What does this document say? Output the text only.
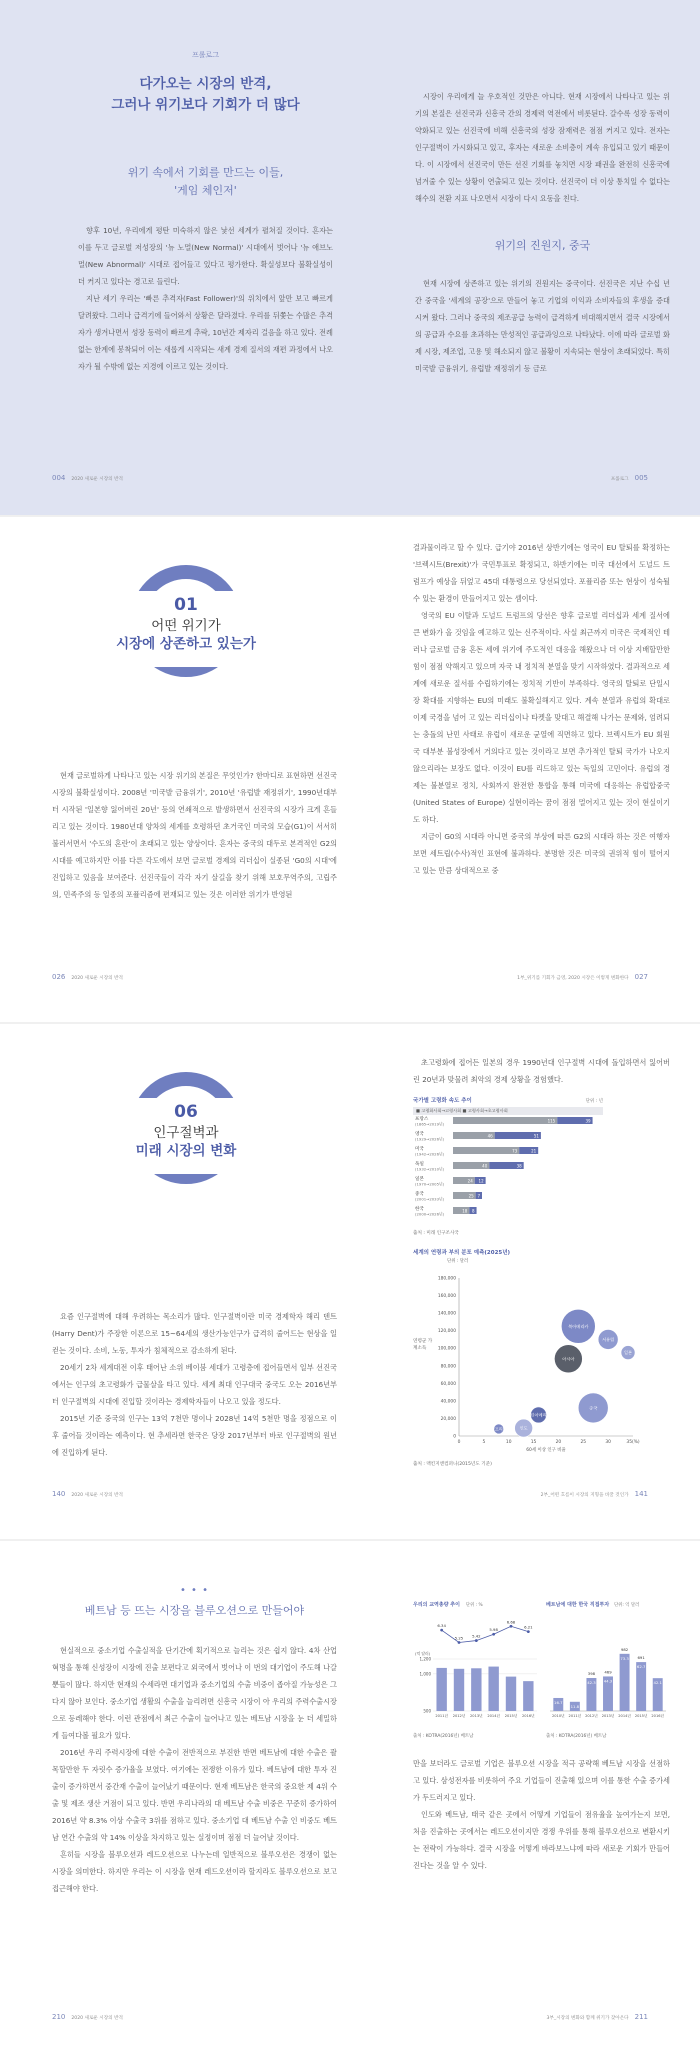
프롤로그
다가오는 시장의 반격,
그러나 위기보다 기회가 더 많다
위기 속에서 기회를 만드는 이들,
'게임 체인저'

향후 10년, 우리에게 평탄 미숙하지 않은 낯선 세계가 펼쳐질 것이다. 흔자는 이를 두고 글로벌 저성장의 '뉴 노멀(New Normal)' 시대에서 벗어나 '뉴 애브노멀(New Abnormal)' 시대로 접어들고 있다고 평가한다. 확실성보다 불확실성이 더 커지고 있다는 경고로 들린다.

지난 세기 우리는 '빠른 추격자(Fast Follower)'의 위치에서 앞만 보고 빠르게 달려왔다. 그러나 급격기에 들어와서 상황은 달라졌다. 우리를 뒤쫓는 수많은 추격자가 생겨나면서 성장 동력이 빠르게 추락, 10년간 제자리 걸음을 하고 있다. 전례 없는 한계에 봉착되어 이는 새롭게 시작되는 새계 경제 질서의 재편 과정에서 나오자가 될 수밖에 없는 지경에 이르고 있는 것이다.

004 2020 새로운 시장의 반격

시장이 우리에게 늘 우호적인 것만은 아니다. 현재 시장에서 나타나고 있는 위기의 본질은 선진국과 신흥국 간의 경제력 역전에서 비롯된다. 갈수록 성장 동력이 약화되고 있는 선진국에 비해 신흥국의 성장 잠재력은 점점 커지고 있다. 전자는 인구절벽이 가시화되고 있고, 후자는 새로운 소비층이 계속 유입되고 있기 때문이다. 이 시장에서 선진국이 만든 선진 기회를 놓치면 시장 패권을 완전히 신흥국에 넘겨줄 수 있는 상황이 연출되고 있는 것이다. 선진국이 더 이상 통치일 수 없다는 해수의 전환 지표 나오면서 시장이 다시 요동을 친다.

위기의 진원지, 중국

현재 시장에 상존하고 있는 위기의 진원지는 중국이다. 선진국은 지난 수십 년간 중국을 '세계의 공장'으로 만들어 놓고 기업의 이익과 소비자들의 후생을 증대시켜 왔다. 그러나 중국의 제조공급 능력이 급격하게 비대해지면서 결국 시장에서의 공급과 수요를 초과하는 만성적인 공급과잉으로 나타났다. 이에 따라 글로벌 화제 시장, 제조업, 고용 및 해소되지 않고 불황이 지속되는 현상이 초래되었다. 특히 미국발 금융위기, 유럽발 재정위기 등 금로

프롤로그 005
01
어떤 위기가
시장에 상존하고 있는가

현재 글로벌하게 나타나고 있는 시장 위기의 본질은 무엇인가? 한마디로 표현하면 선진국 시장의 불확실성이다. 2008년 '미국발 금융위기', 2010년 '유럽발 재정위기', 1990년대부터 시작된 '일본향 잃어버린 20년' 등의 연쇄적으로 발생하면서 선진국의 시장가 크게 흔들리고 있는 것이다. 1980년대 양차의 세계를 호령하던 초거국인 미국의 모습(G1)이 서서히 불러서면서 '수도의 혼란'이 초래되고 있는 양상이다. 흔자는 중국의 대두로 본격적인 G2의 시대를 예고하지만 이를 다른 각도에서 보면 글로벌 경제의 리더십이 실종된 'G0의 시대'에 진입하고 있음을 보여준다. 선진국들이 각각 자기 살길을 찾기 위해 보호무역주의, 고립주의, 민족주의 등 일종의 포퓰리즘에 편재되고 있는 것은 이러한 위기가 반영된

026 2020 새로운 시장의 반격

결과물이라고 할 수 있다. 급기야 2016년 상반기에는 영국이 EU 탈퇴를 확정하는 '브렉시트(Brexit)'가 국민투표로 확정되고, 하반기에는 미국 대선에서 도널드 트럼프가 예상을 뒤엎고 45대 대통령으로 당선되었다. 포퓰리즘 또는 현상이 성숙될 수 있는 환경이 만들어지고 있는 셈이다.

영국의 EU 이탈과 도널드 트럼프의 당선은 향후 글로벌 리더십과 세계 질서에 큰 변화가 올 것임을 예고하고 있는 신주적이다. 사실 최근까지 미국은 국제적인 테러나 글로벌 금융 혼돈 세에 위기에 주도적인 대응을 해왔으나 더 이상 지배할만한 힘이 점점 약해지고 있으며 자국 내 정치적 분열을 맞기 시작하였다. 결과적으로 세계에 새로운 질서를 수립하기에는 정치적 기반이 부족하다. 영국의 탈퇴로 단일시장 확대를 지향하는 EU의 미래도 불확실해지고 있다. 계속 분열과 유럽의 확대로 이제 국경을 넘어 고 있는 리더십이나 타켓을 맞대고 해결해 나가는 문제와, 엄려되는 충돌의 난민 사태로 유럽이 새로운 균열에 직면하고 있다. 브렉시트가 EU 회원국 대부분 불성장에서 거의다고 있는 것이라고 보면 추가적인 탈퇴 국가가 나오지 않으리라는 보장도 없다. 이것이 EU를 리드하고 있는 독일의 고민이다. 유럽의 경제는 불분열로 정치, 사회까지 완전한 통합을 통해 미국에 대응하는 유럽합중국(United States of Europe) 실현이라는 꿈이 점점 멀어지고 있는 것이 현실이기도 하다.

지금이 G0의 시대라 아니면 중국의 부상에 따른 G2의 시대라 하는 것은 여행자 보면 세트립(수사)적인 표현에 불과하다. 분명한 것은 미국의 권위적 힘이 떨어지고 있는 만큼 상대적으로 중

1부_위기를 기회가 금영, 2020 시장은 이렇게 변화한다 027
06
인구절벽과
미래 시장의 변화

요즘 인구절벽에 대해 우려하는 목소리가 많다. 인구절벽이란 미국 경제학자 해리 덴트(Harry Dent)가 주장한 이론으로 15~64세의 생산가능인구가 급격히 줄어드는 현상을 일컫는 것이다. 소비, 노동, 투자가 침체적으로 감소하게 된다.

20세기 2차 세계대전 이후 태어난 소위 베이붐 세대가 고령층에 접어들면서 일부 선진국에서는 인구의 초고령화가 급물살을 타고 있다. 세계 최대 인구대국 중국도 오는 2016년부터 인구절벽의 시대에 진입할 것이라는 경제학자들이 나오고 있을 정도다.

2015년 기준 중국의 인구는 13억 7천만 명이나 2028년 14억 5천만 명을 정점으로 이후 줄어들 것이라는 예측이다. 현 추세라면 한국은 당장 2017년부터 바로 인구절벽의 원년에 진입하게 된다.

140 2020 새로운 시장의 반격

초고령화에 접어든 일본의 경우 1990년대 인구절벽 시대에 돌입하면서 잃어버린 20년과 맞물려 최악의 경제 상황을 경험했다.

국가별 고령화 속도 추이	단위 : 년
■ 고령화사회→고령사회 ■ 고령사회→초고령사회
프랑스
(1865→2019년)
115	39
영국
(1929→2026년)
46	51
미국
(1942→2026년)
73	21
독일
(1932→2010년)
40	38
일본
(1970→2005년)
24 12
중국
(2001→2033년)
25 7
한국
(2000→2026년)
18 8
출처 : 미래 인구조사국
세계의 연령과 부의 분포 예측(2025년)
단위 : 달러
연령군 가계소득
0
20,000
40,000
60,000
80,000
100,000
120,000
140,000
160,000
180,000
0	5	10	15	20	25	30	35(%)
60세 이상 인구 비율
북아메리카
서유럽
일본
아시아
중국
라틴아메리카
아프리카	인도
출처 : 맥킨지앤컴퍼니(2015년도 기준)
2부_어떤 흐름이 시장의 지형을 바꿀 것인가 141
• • •
베트남 등 뜨는 시장을 블루오션으로 만들어야

현실적으로 중소기업 수출실적을 단기간에 획기적으로 늘리는 것은 쉽지 않다. 4차 산업혁명을 통해 신성장이 시장에 진출 보편다고 외국에서 벗어나 이 번의 대기업이 주도해 나갈 뿐들이 많다. 하지만 현재의 수세라면 대기업과 중소기업의 수출 비중이 좁아질 가능성은 그다지 않아 보인다. 중소기업 생활의 수출을 늘리려면 신흥국 시장이 아 우리의 주력수출시장으로 등레해야 한다. 이런 관점에서 최근 수출이 늘어나고 있는 베트남 시장을 눈 더 세밀하게 들여다볼 필요가 있다.

2016년 우리 주력시장에 대한 수출이 전반적으로 부진한 반면 베트남에 대한 수출은 괄목할만한 두 자릿수 증가율을 보였다. 여기에는 전쟁한 이유가 있다. 베트남에 대한 투자 진출이 증가하면서 중간재 수출이 늘어났기 때문이다. 현재 베트남은 한국의 중요한 제 4위 수출 및 제조 생산 거점이 되고 있다. 반면 우리나라의 대 베트남 수출 비중은 꾸준히 증가하여 2016년 약 8.3% 이상 수출국 3위를 점하고 있다. 중소기업 대 베트남 수출 인 비중도 베트남 연간 수출의 약 14% 이상을 차지하고 있는 실정이며 점점 더 늘어날 것이다.

흔히들 시장을 블루오션과 레드오션으로 나누는데 일반적으로 블루오션은 경쟁이 없는 시장을 의미한다. 하지만 우리는 이 시장을 현재 레드오션이라 할지라도 블루오션으로 보고 접근해야 한다.

210 2020 새로운 시장의 반격
우리의 교역총량 추이 단위 : %
500
1,000
1,200
(억 달러)
2011년
6.34
2012년
5.25
2013년
5.42
2014년
5.98
2015년
6.68
2016년
6.21
베트남에 대한 한국 직접투자 단위: 억 달러
16.7
2010년
11.8
2011년
42.3
398
2012년
44.3
469
2013년
73.3
982
2014년
62.7
691
2015년
42.1
2016년
출처 : KOTRA(2016년) 베트남	출처 : KOTRA(2016년) 베트남

만을 보더라도 글로벌 기업은 블루오션 시장을 적극 공략해 베트남 시장을 선점하고 있다. 삼성전자를 비롯하여 주요 기업들이 진출해 있으며 이를 통한 수출 증가세가 두드러지고 있다.

인도와 베트남, 태국 같은 곳에서 어떻게 기업들이 점유율을 높여가는지 보면, 처음 진출하는 곳에서는 레드오션이지만 경쟁 우위를 통해 블루오션으로 변환시키는 전략이 가능하다. 결국 시장을 어떻게 바라보느냐에 따라 새로운 기회가 만들어진다는 것을 알 수 있다.

3부_시장의 변화와 함께 위기가 찾아온다 211
